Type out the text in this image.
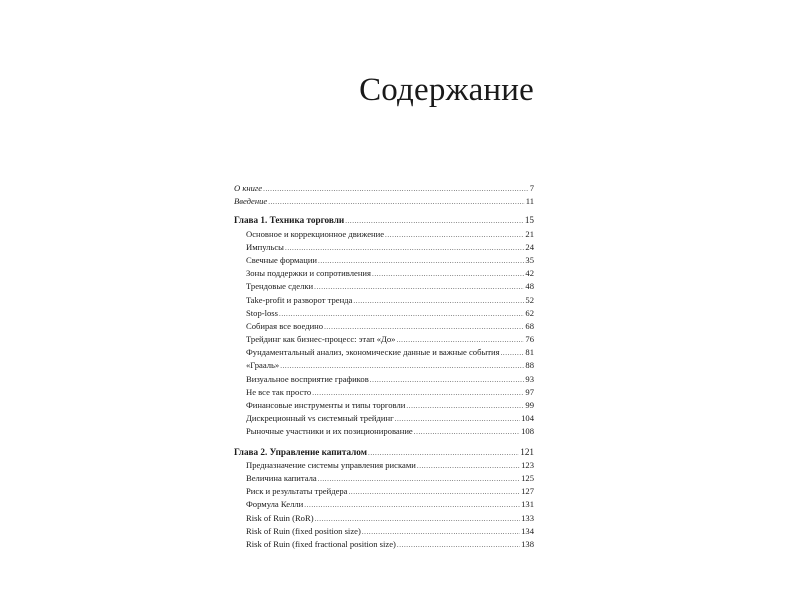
Содержание
О книге .....	7
Введение .....	11
Глава 1. Техника торговли .....	15
Основное и коррекционное движение .....	21
Импульсы .....	24
Свечные формации .....	35
Зоны поддержки и сопротивления .....	42
Трендовые сделки .....	48
Take-profit и разворот тренда .....	52
Stop-loss .....	62
Собирая все воедино .....	68
Трейдинг как бизнес-процесс: этап «До» .....	76
Фундаментальный анализ, экономические данные и важные события .....	81
«Грааль» .....	88
Визуальное восприятие графиков .....	93
Не все так просто .....	97
Финансовые инструменты и типы торговли .....	99
Дискреционный vs системный трейдинг .....	104
Рыночные участники и их позиционирование .....	108
Глава 2. Управление капиталом .....	121
Предназначение системы управления рисками .....	123
Величина капитала .....	125
Риск и результаты трейдера .....	127
Формула Келли .....	131
Risk of Ruin (RoR) .....	133
Risk of Ruin (fixed position size) .....	134
Risk of Ruin (fixed fractional position size) .....	138
